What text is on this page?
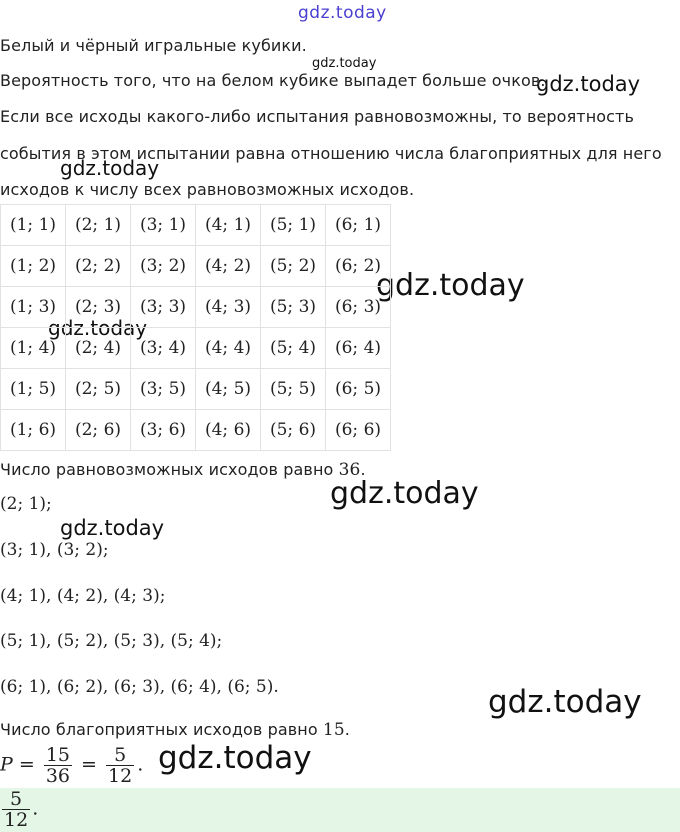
gdz.today
gdz.today
gdz.today
gdz.today
gdz.today
gdz.today
gdz.today
gdz.today
gdz.today
gdz.today
Белый и чёрный игральные кубики.
Вероятность того, что на белом кубике выпадет больше очков.
Если все исходы какого-либо испытания равновозможны, то вероятность
события в этом испытании равна отношению числа благоприятных для него
исходов к числу всех равновозможных исходов.
(1; 1)	(2; 1)	(3; 1)	(4; 1)	(5; 1)	(6; 1)
(1; 2)	(2; 2)	(3; 2)	(4; 2)	(5; 2)	(6; 2)
(1; 3)	(2; 3)	(3; 3)	(4; 3)	(5; 3)	(6; 3)
(1; 4)	(2; 4)	(3; 4)	(4; 4)	(5; 4)	(6; 4)
(1; 5)	(2; 5)	(3; 5)	(4; 5)	(5; 5)	(6; 5)
(1; 6)	(2; 6)	(3; 6)	(4; 6)	(5; 6)	(6; 6)
Число равновозможных исходов равно 36.
(2; 1);
(3; 1), (3; 2);
(4; 1), (4; 2), (4; 3);
(5; 1), (5; 2), (5; 3), (5; 4);
(6; 1), (6; 2), (6; 3), (6; 4), (6; 5).
Число благоприятных исходов равно 15.
$P = \frac{15}{36} = \frac{5}{12}$ .
$\frac{5}{12}$ .
